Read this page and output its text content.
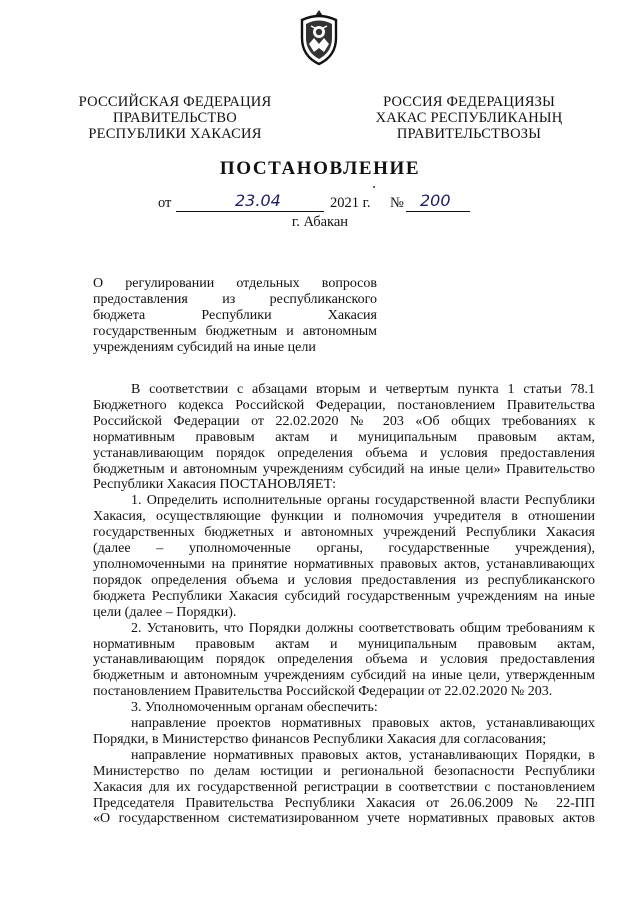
РОССИЙСКАЯ ФЕДЕРАЦИЯ
ПРАВИТЕЛЬСТВО
РЕСПУБЛИКИ ХАКАСИЯ
РОССИЯ ФЕДЕРАЦИЯЗЫ
ХАКАС РЕСПУБЛИКАНЫҢ
ПРАВИТЕЛЬСТВОЗЫ
ПОСТАНОВЛЕНИЕ
от	23.04	2021 г. № 200
г. Абакан
О регулировании отдельных вопросов
предоставления из республиканского
бюджета Республики Хакасия
государственным бюджетным и автономным
учреждениям субсидий на иные цели
В соответствии с абзацами вторым и четвертым пункта 1 статьи 78.1
Бюджетного кодекса Российской Федерации, постановлением Правительства
Российской Федерации от 22.02.2020 № 203 «Об общих требованиях к
нормативным правовым актам и муниципальным правовым актам,
устанавливающим порядок определения объема и условия предоставления
бюджетным и автономным учреждениям субсидий на иные цели» Правительство
Республики Хакасия ПОСТАНОВЛЯЕТ:
1. Определить исполнительные органы государственной власти Республики
Хакасия, осуществляющие функции и полномочия учредителя в отношении
государственных бюджетных и автономных учреждений Республики Хакасия
(далее – уполномоченные органы, государственные учреждения),
уполномоченными на принятие нормативных правовых актов, устанавливающих
порядок определения объема и условия предоставления из республиканского
бюджета Республики Хакасия субсидий государственным учреждениям на иные
цели (далее – Порядки).
2. Установить, что Порядки должны соответствовать общим требованиям к
нормативным правовым актам и муниципальным правовым актам,
устанавливающим порядок определения объема и условия предоставления
бюджетным и автономным учреждениям субсидий на иные цели, утвержденным
постановлением Правительства Российской Федерации от 22.02.2020 № 203.
3. Уполномоченным органам обеспечить:
направление проектов нормативных правовых актов, устанавливающих
Порядки, в Министерство финансов Республики Хакасия для согласования;
направление нормативных правовых актов, устанавливающих Порядки, в
Министерство по делам юстиции и региональной безопасности Республики
Хакасия для их государственной регистрации в соответствии с постановлением
Председателя Правительства Республики Хакасия от 26.06.2009 № 22-ПП
«О государственном систематизированном учете нормативных правовых актов
